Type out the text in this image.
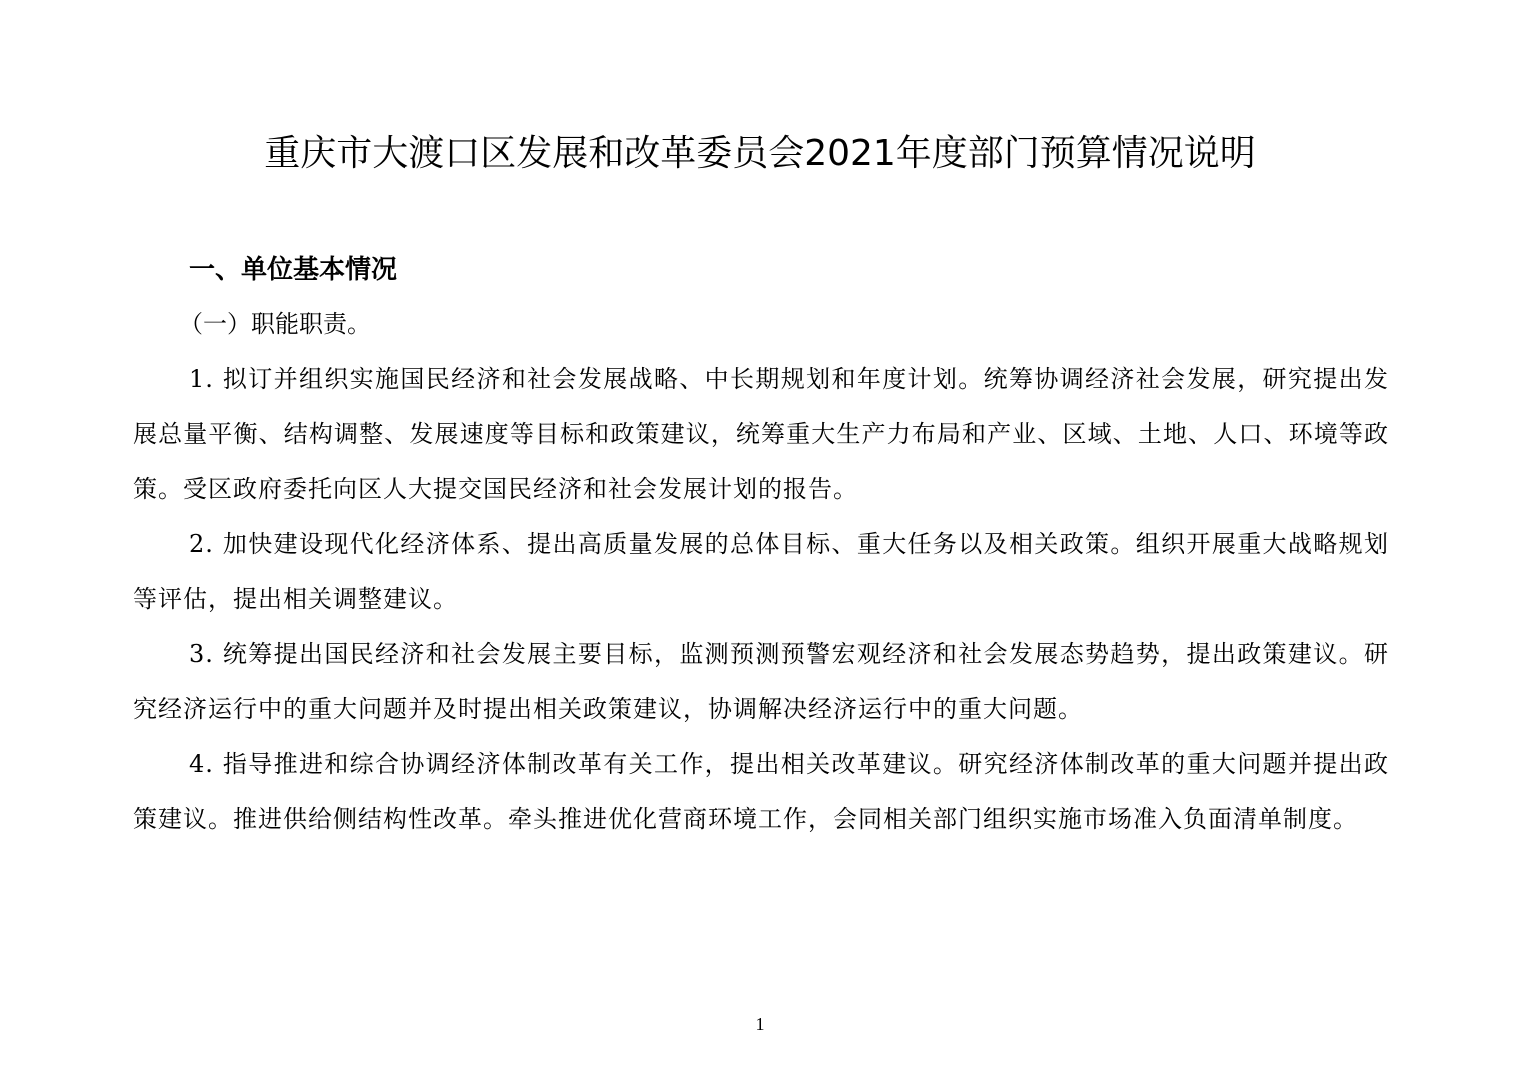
重庆市大渡口区发展和改革委员会2021年度部门预算情况说明
一、单位基本情况
（一）职能职责。

1. 拟订并组织实施国民经济和社会发展战略、中长期规划和年度计划。统筹协调经济社会发展，研究提出发展总量平衡、结构调整、发展速度等目标和政策建议，统筹重大生产力布局和产业、区域、土地、人口、环境等政策。受区政府委托向区人大提交国民经济和社会发展计划的报告。

2. 加快建设现代化经济体系、提出高质量发展的总体目标、重大任务以及相关政策。组织开展重大战略规划等评估，提出相关调整建议。

3. 统筹提出国民经济和社会发展主要目标，监测预测预警宏观经济和社会发展态势趋势，提出政策建议。研究经济运行中的重大问题并及时提出相关政策建议，协调解决经济运行中的重大问题。

4. 指导推进和综合协调经济体制改革有关工作，提出相关改革建议。研究经济体制改革的重大问题并提出政策建议。推进供给侧结构性改革。牵头推进优化营商环境工作，会同相关部门组织实施市场准入负面清单制度。

1
